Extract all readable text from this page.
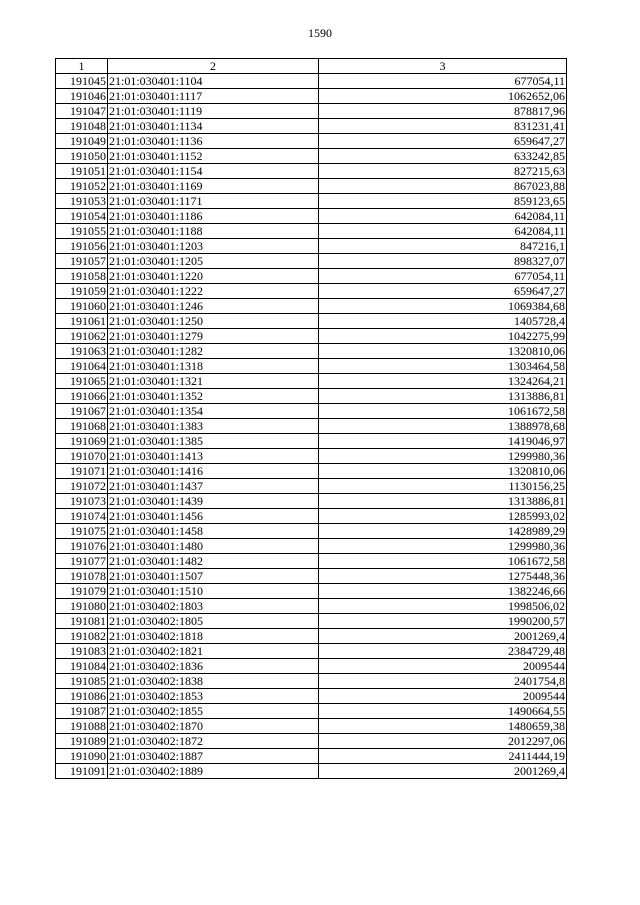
1590
1	2	3
191045	21:01:030401:1104	677054,11
191046	21:01:030401:1117	1062652,06
191047	21:01:030401:1119	878817,96
191048	21:01:030401:1134	831231,41
191049	21:01:030401:1136	659647,27
191050	21:01:030401:1152	633242,85
191051	21:01:030401:1154	827215,63
191052	21:01:030401:1169	867023,88
191053	21:01:030401:1171	859123,65
191054	21:01:030401:1186	642084,11
191055	21:01:030401:1188	642084,11
191056	21:01:030401:1203	847216,1
191057	21:01:030401:1205	898327,07
191058	21:01:030401:1220	677054,11
191059	21:01:030401:1222	659647,27
191060	21:01:030401:1246	1069384,68
191061	21:01:030401:1250	1405728,4
191062	21:01:030401:1279	1042275,99
191063	21:01:030401:1282	1320810,06
191064	21:01:030401:1318	1303464,58
191065	21:01:030401:1321	1324264,21
191066	21:01:030401:1352	1313886,81
191067	21:01:030401:1354	1061672,58
191068	21:01:030401:1383	1388978,68
191069	21:01:030401:1385	1419046,97
191070	21:01:030401:1413	1299980,36
191071	21:01:030401:1416	1320810,06
191072	21:01:030401:1437	1130156,25
191073	21:01:030401:1439	1313886,81
191074	21:01:030401:1456	1285993,02
191075	21:01:030401:1458	1428989,29
191076	21:01:030401:1480	1299980,36
191077	21:01:030401:1482	1061672,58
191078	21:01:030401:1507	1275448,36
191079	21:01:030401:1510	1382246,66
191080	21:01:030402:1803	1998506,02
191081	21:01:030402:1805	1990200,57
191082	21:01:030402:1818	2001269,4
191083	21:01:030402:1821	2384729,48
191084	21:01:030402:1836	2009544
191085	21:01:030402:1838	2401754,8
191086	21:01:030402:1853	2009544
191087	21:01:030402:1855	1490664,55
191088	21:01:030402:1870	1480659,38
191089	21:01:030402:1872	2012297,06
191090	21:01:030402:1887	2411444,19
191091	21:01:030402:1889	2001269,4
